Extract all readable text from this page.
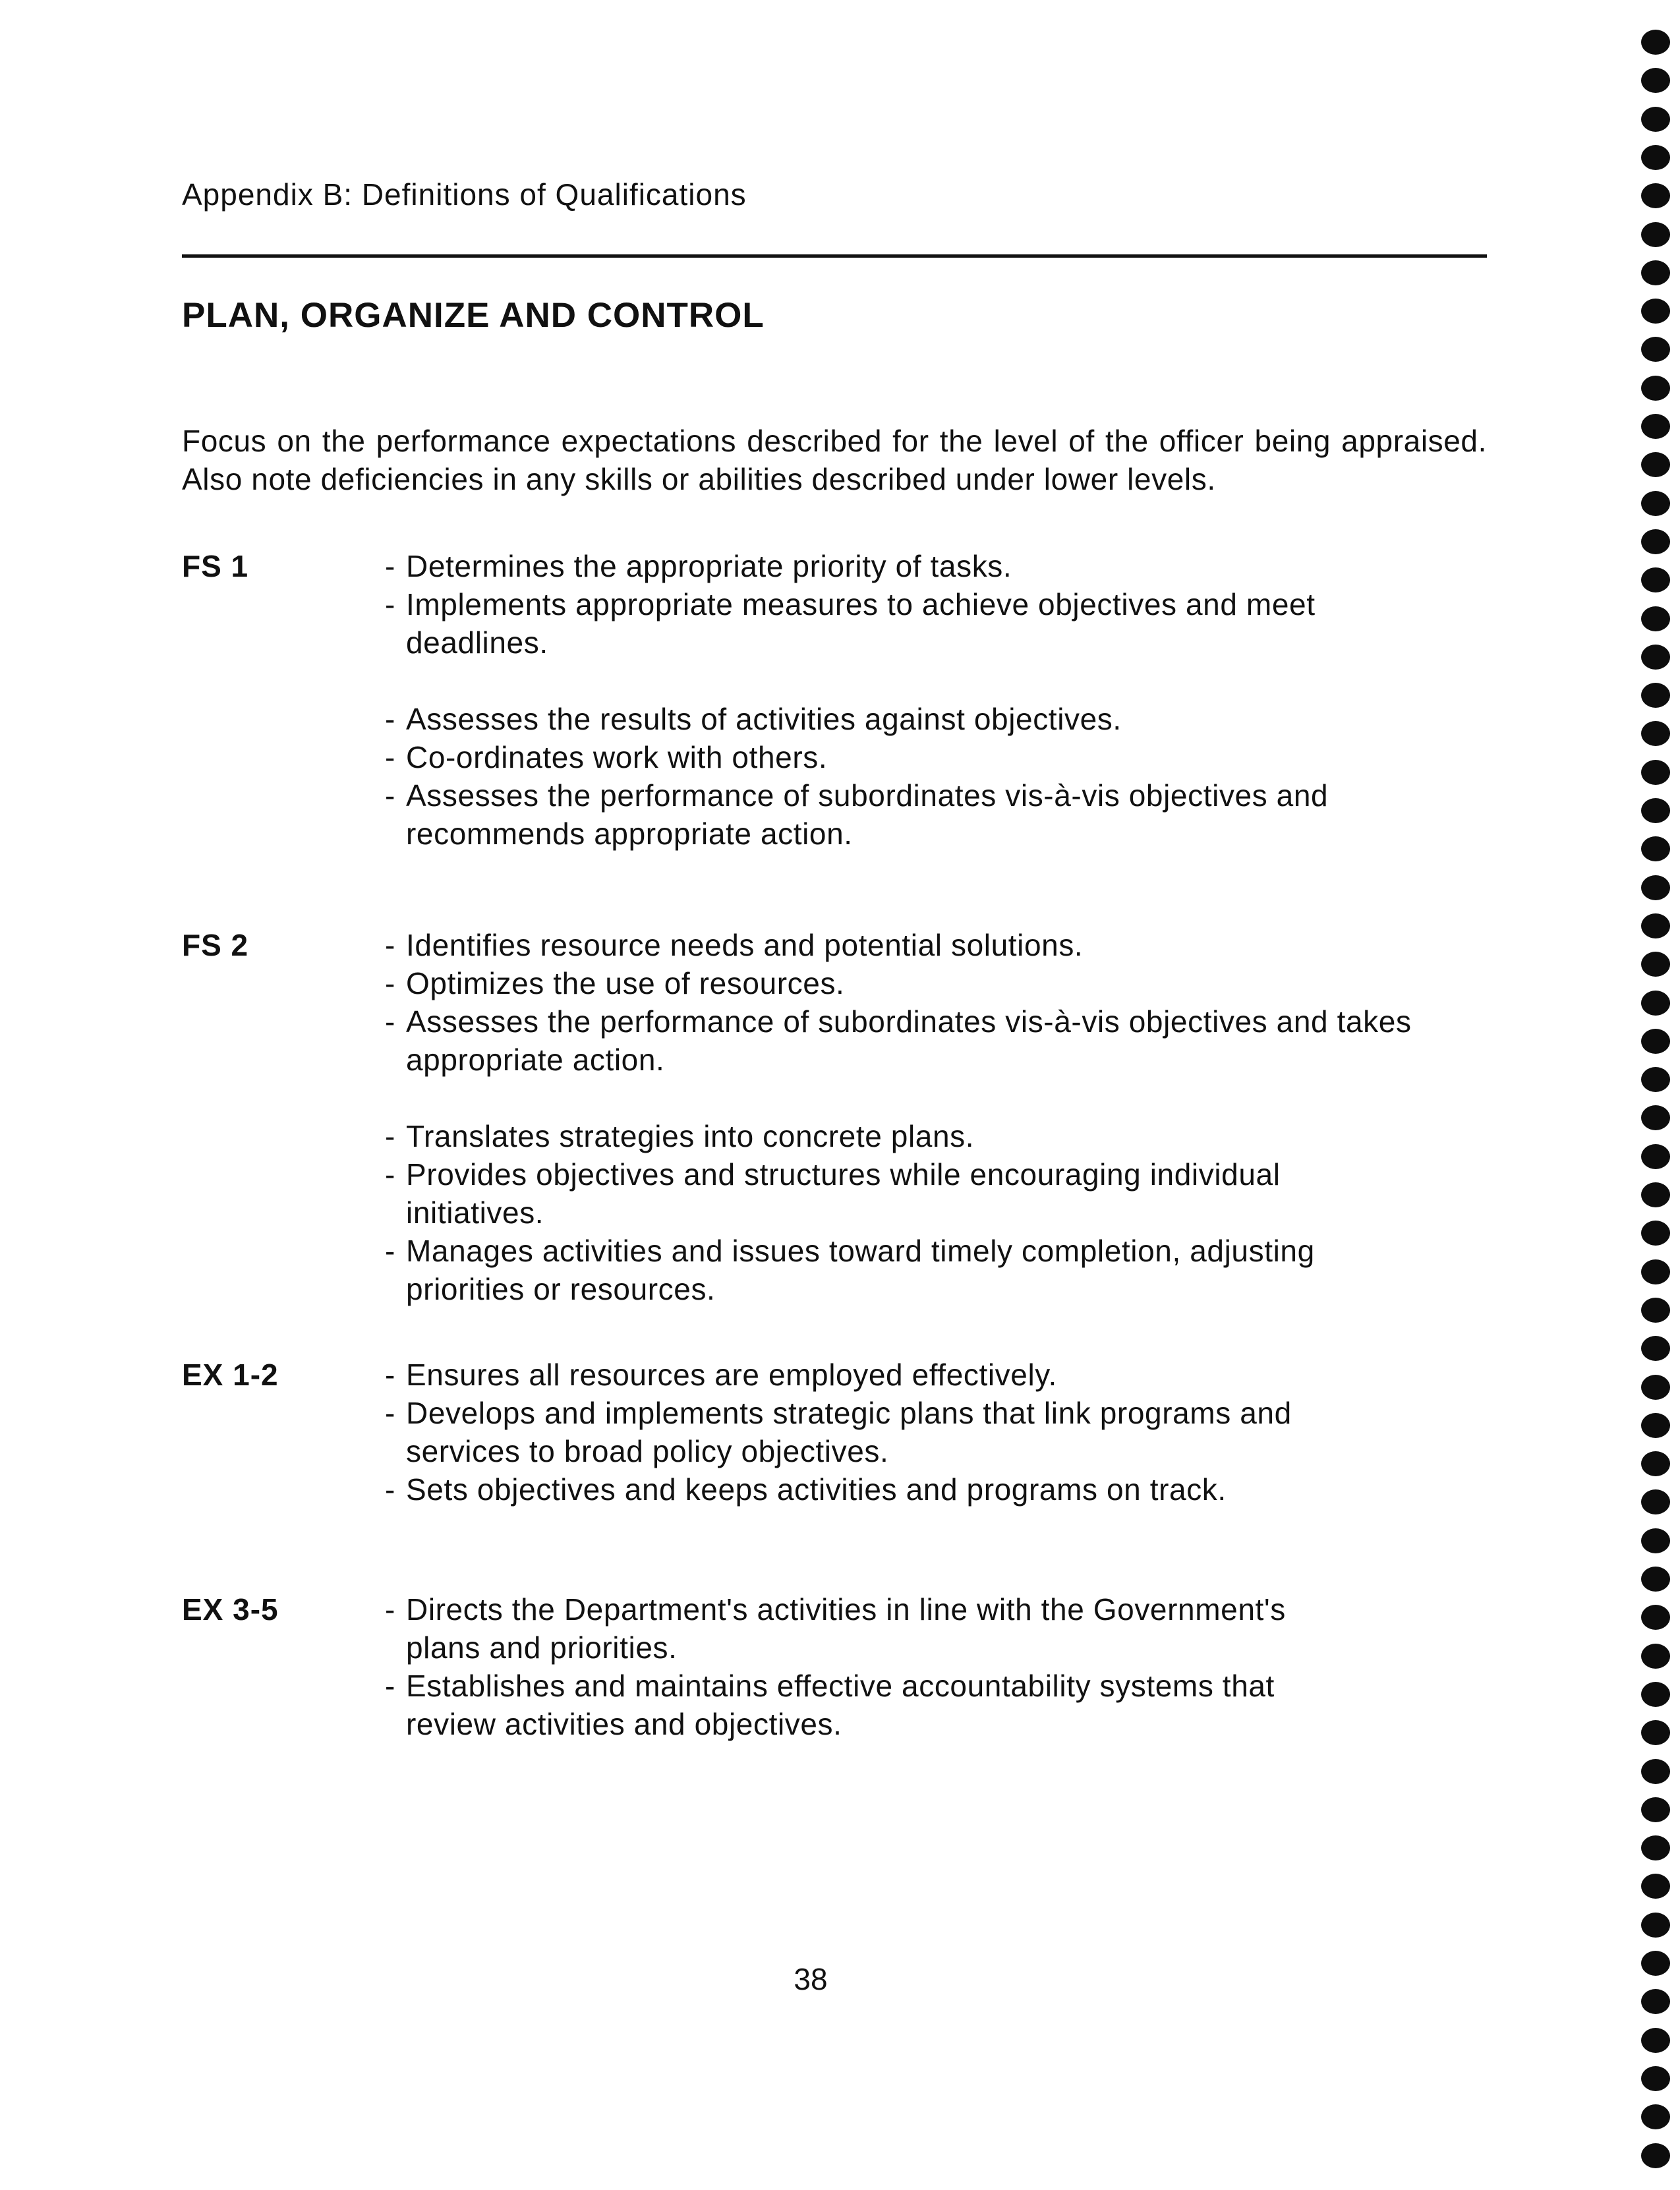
Appendix B: Definitions of Qualifications
PLAN, ORGANIZE AND CONTROL
Focus on the performance expectations described for the level of the officer being appraised. Also note deficiencies in any skills or abilities described under lower levels.
FS 1	- Determines the appropriate priority of tasks.
- Implements appropriate measures to achieve objectives and meet deadlines.
- Assesses the results of activities against objectives.
- Co-ordinates work with others.
- Assesses the performance of subordinates vis-à-vis objectives and recommends appropriate action.
FS 2	- Identifies resource needs and potential solutions.
- Optimizes the use of resources.
- Assesses the performance of subordinates vis-à-vis objectives and takes appropriate action.
- Translates strategies into concrete plans.
- Provides objectives and structures while encouraging individual initiatives.
- Manages activities and issues toward timely completion, adjusting priorities or resources.
EX 1-2	- Ensures all resources are employed effectively.
- Develops and implements strategic plans that link programs and services to broad policy objectives.
- Sets objectives and keeps activities and programs on track.
EX 3-5	- Directs the Department's activities in line with the Government's plans and priorities.
- Establishes and maintains effective accountability systems that review activities and objectives.
38
